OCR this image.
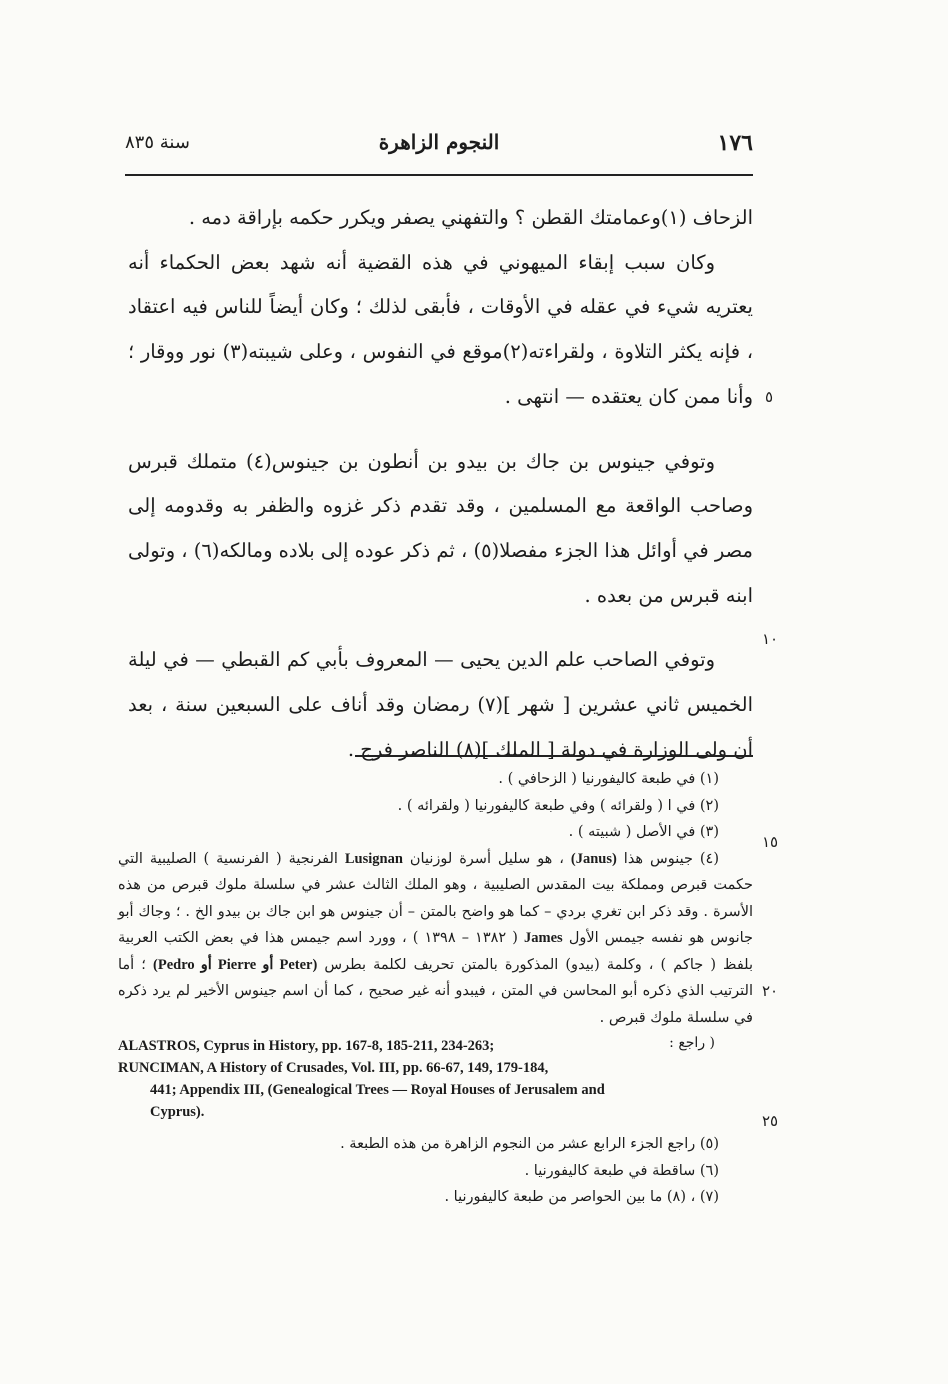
١٧٦
النجوم الزاهرة
سنة ٨٣٥

الزحاف (١)وعمامتك القطن ؟ والتفهني يصفر ويكرر حكمه بإراقة دمه .

وكان سبب إبقاء الميهوني في هذه القضية أنه شهد بعض الحكماء أنه يعتريه شيء في عقله في الأوقات ، فأبقى لذلك ؛ وكان أيضاً للناس فيه اعتقاد ، فإنه يكثر التلاوة ، ولقراءته(٢)موقع في النفوس ، وعلى شيبته(٣) نور ووقار ؛ وأنا ممن كان يعتقده — انتهى .

وتوفي جينوس بن جاك بن بيدو بن أنطون بن جينوس(٤) متملك قبرس وصاحب الواقعة مع المسلمين ، وقد تقدم ذكر غزوه والظفر به وقدومه إلى مصر في أوائل هذا الجزء مفصلا(٥) ، ثم ذكر عوده إلى بلاده ومالكه(٦) ، وتولى ابنه قبرس من بعده .

وتوفي الصاحب علم الدين يحيى — المعروف بأبي كم القبطي — في ليلة الخميس ثاني عشرين [ شهر ](٧) رمضان وقد أناف على السبعين سنة ، بعد أن ولى الوزارة في دولة [ الملك ](٨) الناصر فرج .

٥
١٠
١٥
٢٠
٢٥

(١) في طبعة كاليفورنيا ( الزحافي ) .

(٢) في ا ( ولقرائه ) وفي طبعة كاليفورنيا ( ولقرائه ) .

(٣) في الأصل ( شبيته ) .

(٤) جينوس هذا (Janus) ، هو سليل أسرة لوزنيان Lusignan الفرنجية ( الفرنسية ) الصليبية التي حكمت قبرص ومملكة بيت المقدس الصليبية ، وهو الملك الثالث عشر في سلسلة ملوك قبرص من هذه الأسرة . وقد ذكر ابن تغري بردي – كما هو واضح بالمتن – أن جينوس هو ابن جاك بن بيدو الخ . ؛ وجاك أبو جانوس هو نفسه جيمس الأول James ( ١٣٨٢ – ١٣٩٨ ) ، وورد اسم جيمس هذا في بعض الكتب العربية بلفظ ( جاكم ) ، وكلمة (بيدو) المذكورة بالمتن تحريف لكلمة بطرس (Pedro أو Pierre أو Peter) ؛ أما الترتيب الذي ذكره أبو المحاسن في المتن ، فيبدو أنه غير صحيح ، كما أن اسم جينوس الأخير لم يرد ذكره في سلسلة ملوك قبرص .

ALASTROS, Cyprus in History, pp. 167-8, 185-211, 234-263;	( راجع :

RUNCIMAN, A History of Crusades, Vol. III, pp. 66-67, 149, 179-184,

441; Appendix III, (Genealogical Trees — Royal Houses of Jerusalem and

Cyprus).

(٥) راجع الجزء الرابع عشر من النجوم الزاهرة من هذه الطبعة .

(٦) ساقطة في طبعة كاليفورنيا .

(٧) ، (٨) ما بين الحواصر من طبعة كاليفورنيا .
